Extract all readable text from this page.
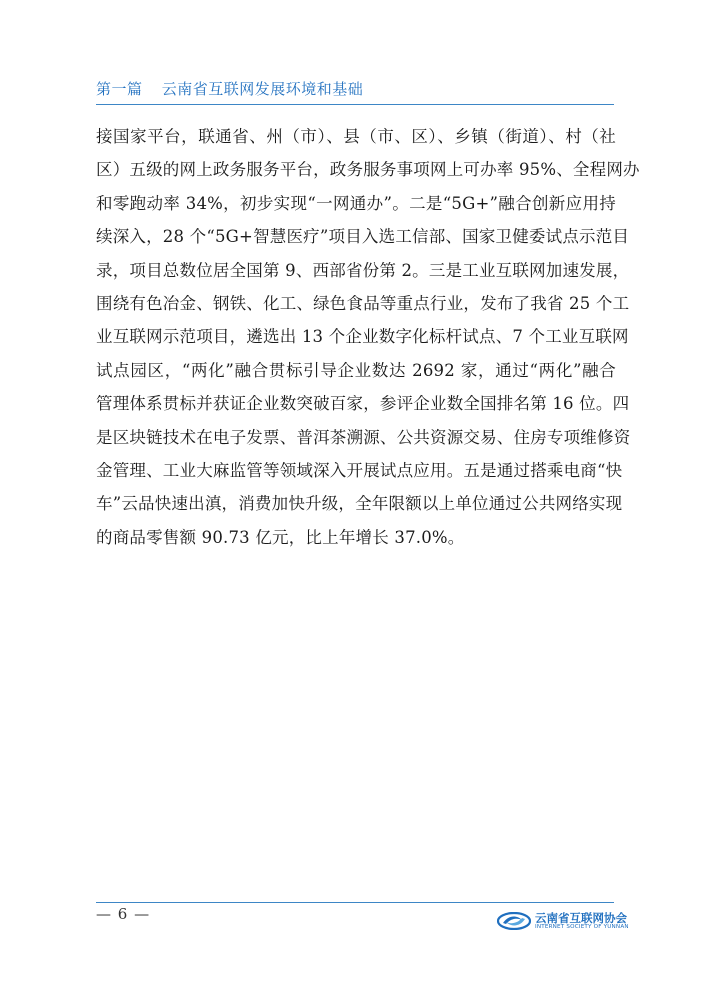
第一篇 云南省互联网发展环境和基础
接国家平台，联通省、州（市）、县（市、区）、乡镇（街道）、村（社
区）五级的网上政务服务平台，政务服务事项网上可办率 95%、全程网办
和零跑动率 34%，初步实现“一网通办”。二是“5G+”融合创新应用持
续深入，28 个“5G+智慧医疗”项目入选工信部、国家卫健委试点示范目
录，项目总数位居全国第 9、西部省份第 2。三是工业互联网加速发展，
围绕有色冶金、钢铁、化工、绿色食品等重点行业，发布了我省 25 个工
业互联网示范项目，遴选出 13 个企业数字化标杆试点、7 个工业互联网
试点园区，“两化”融合贯标引导企业数达 2692 家，通过“两化”融合
管理体系贯标并获证企业数突破百家，参评企业数全国排名第 16 位。四
是区块链技术在电子发票、普洱茶溯源、公共资源交易、住房专项维修资
金管理、工业大麻监管等领域深入开展试点应用。五是通过搭乘电商“快
车”云品快速出滇，消费加快升级，全年限额以上单位通过公共网络实现
的商品零售额 90.73 亿元，比上年增长 37.0%。
— 6 —	云南省互联网协会
INTERNET SOCIETY OF YUNNAN
